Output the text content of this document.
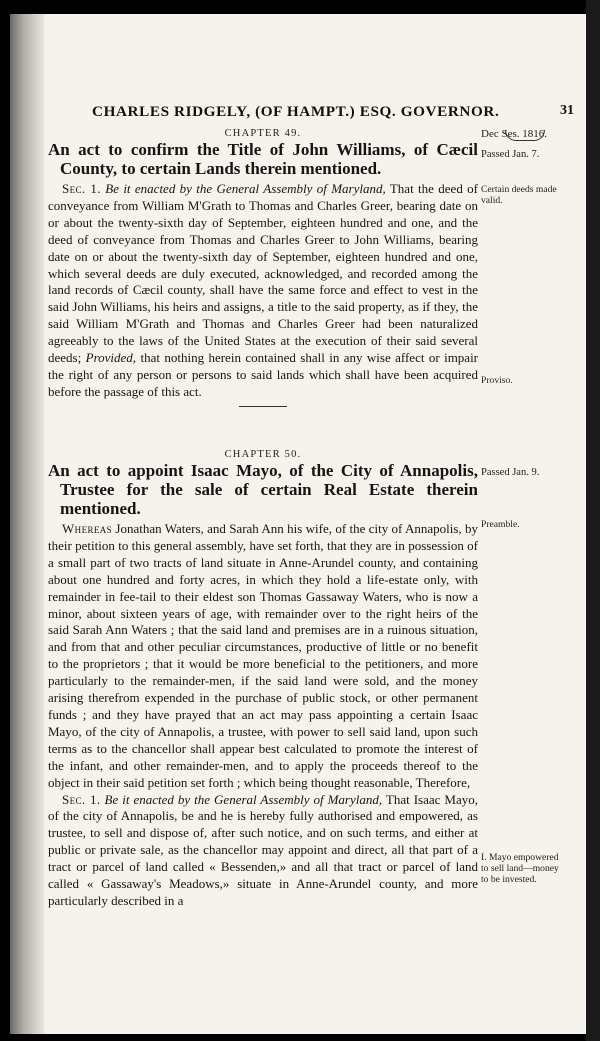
CHARLES RIDGELY, (OF HAMPT.) ESQ. GOVERNOR.	31
CHAPTER 49.
An act to confirm the Title of John Williams, of Cæcil County, to certain Lands therein mentioned.
Sec. 1. Be it enacted by the General Assembly of Maryland, That the deed of conveyance from William M'Grath to Thomas and Charles Greer, bearing date on or about the twenty-sixth day of September, eighteen hundred and one, and the deed of conveyance from Thomas and Charles Greer to John Williams, bearing date on or about the twenty-sixth day of September, eighteen hundred and one, which several deeds are duly executed, acknowledged, and recorded among the land records of Cæcil county, shall have the same force and effect to vest in the said John Williams, his heirs and assigns, a title to the said property, as if they, the said William M'Grath and Thomas and Charles Greer had been naturalized agreeably to the laws of the United States at the execution of their said several deeds; Provided, that nothing herein contained shall in any wise affect or impair the right of any person or persons to said lands which shall have been acquired before the passage of this act.
CHAPTER 50.
An act to appoint Isaac Mayo, of the City of Annapolis, Trustee for the sale of certain Real Estate therein mentioned.
Whereas Jonathan Waters, and Sarah Ann his wife, of the city of Annapolis, by their petition to this general assembly, have set forth, that they are in possession of a small part of two tracts of land situate in Anne-Arundel county, and containing about one hundred and forty acres, in which they hold a life-estate only, with remainder in fee-tail to their eldest son Thomas Gassaway Waters, who is now a minor, about sixteen years of age, with remainder over to the right heirs of the said Sarah Ann Waters ; that the said land and premises are in a ruinous situation, and from that and other peculiar circumstances, productive of little or no benefit to the proprietors ; that it would be more beneficial to the petitioners, and more particularly to the remainder-men, if the said land were sold, and the money arising therefrom expended in the purchase of public stock, or other permanent funds ; and they have prayed that an act may pass appointing a certain Isaac Mayo, of the city of Annapolis, a trustee, with power to sell said land, upon such terms as to the chancellor shall appear best calculated to promote the interest of the infant, and other remainder-men, and to apply the proceeds thereof to the object in their said petition set forth ; which being thought reasonable, Therefore,
Sec. 1. Be it enacted by the General Assembly of Maryland, That Isaac Mayo, of the city of Annapolis, be and he is hereby fully authorised and empowered, as trustee, to sell and dispose of, after such notice, and on such terms, and either at public or private sale, as the chancellor may appoint and direct, all that part of a tract or parcel of land called « Bessenden,» and all that tract or parcel of land called « Gassaway's Meadows,» situate in Anne-Arundel county, and more particularly described in a
Dec Ses. 1816.
Passed Jan. 7.
Certain deeds made valid.
Proviso.
Passed Jan. 9.
Preamble.
I. Mayo empowered to sell land—money to be invested.
